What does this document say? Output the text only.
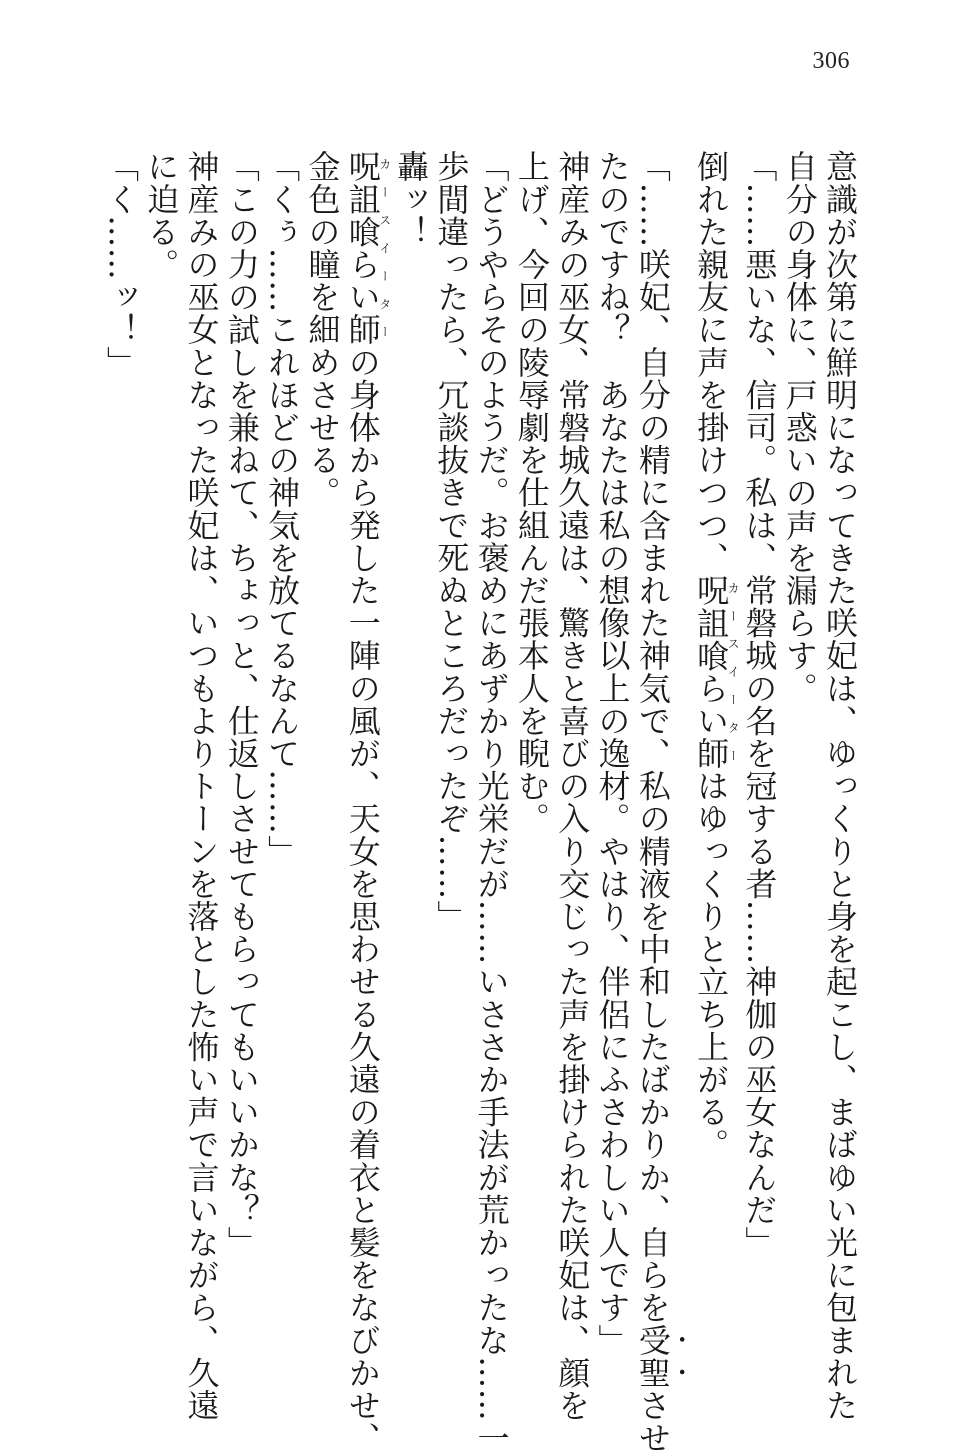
306
意識が次第に鮮明になってきた咲妃は、ゆっくりと身を起こし、まばゆい光に包まれた
自分の身体に、戸惑いの声を漏らす。
「……悪いな、信司。私は、常磐城の名を冠する者……神伽の巫女なんだ」
倒れた親友に声を掛けつつ、呪詛喰らい師カースイーターはゆっくりと立ち上がる。
「……咲妃、自分の精に含まれた神気で、私の精液を中和したばかりか、自らを受聖させ
たのですね？　あなたは私の想像以上の逸材。やはり、伴侶にふさわしい人です」
神産みの巫女、常磐城久遠は、驚きと喜びの入り交じった声を掛けられた咲妃は、顔を
上げ、今回の陵辱劇を仕組んだ張本人を睨む。
「どうやらそのようだ。お褒めにあずかり光栄だが……いささか手法が荒かったな……一
歩間違ったら、冗談抜きで死ぬところだったぞ……」
轟ッ！
呪詛喰らい師カースイーターの身体から発した一陣の風が、天女を思わせる久遠の着衣と髪をなびかせ、
金色の瞳を細めさせる。
「くぅ……これほどの神気を放てるなんて……」
「この力の試しを兼ねて、ちょっと、仕返しさせてもらってもいいかな？」
神産みの巫女となった咲妃は、いつもよりトーンを落とした怖い声で言いながら、久遠
に迫る。
「く……ッ！」
